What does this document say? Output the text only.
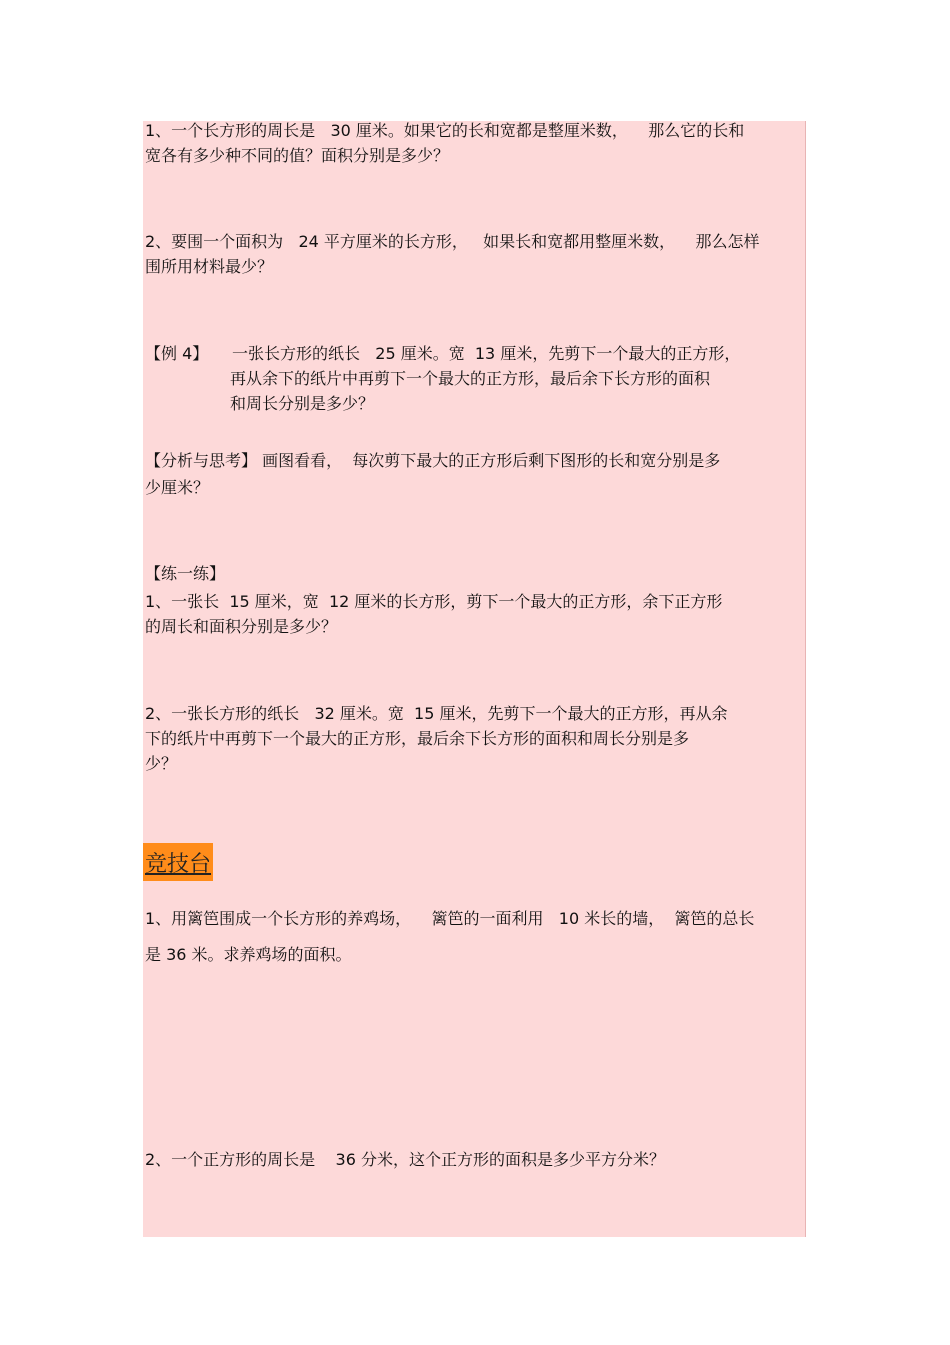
1、一个长方形的周长是   30 厘米。如果它的长和宽都是整厘米数，    那么它的长和
宽各有多少种不同的值？面积分别是多少？
2、要围一个面积为   24 平方厘米的长方形，   如果长和宽都用整厘米数，    那么怎样
围所用材料最少？
【例 4】 一张长方形的纸长   25 厘米。宽  13 厘米，先剪下一个最大的正方形，
再从余下的纸片中再剪下一个最大的正方形，最后余下长方形的面积
和周长分别是多少？
【分析与思考】 画图看看，  每次剪下最大的正方形后剩下图形的长和宽分别是多
少厘米？
【练一练】
1、一张长  15 厘米，宽  12 厘米的长方形，剪下一个最大的正方形，余下正方形
的周长和面积分别是多少？
2、一张长方形的纸长   32 厘米。宽  15 厘米，先剪下一个最大的正方形，再从余
下的纸片中再剪下一个最大的正方形，最后余下长方形的面积和周长分别是多
少？
竞技台
1、用篱笆围成一个长方形的养鸡场，    篱笆的一面利用   10 米长的墙，  篱笆的总长
是 36 米。求养鸡场的面积。
2、一个正方形的周长是    36 分米，这个正方形的面积是多少平方分米？
